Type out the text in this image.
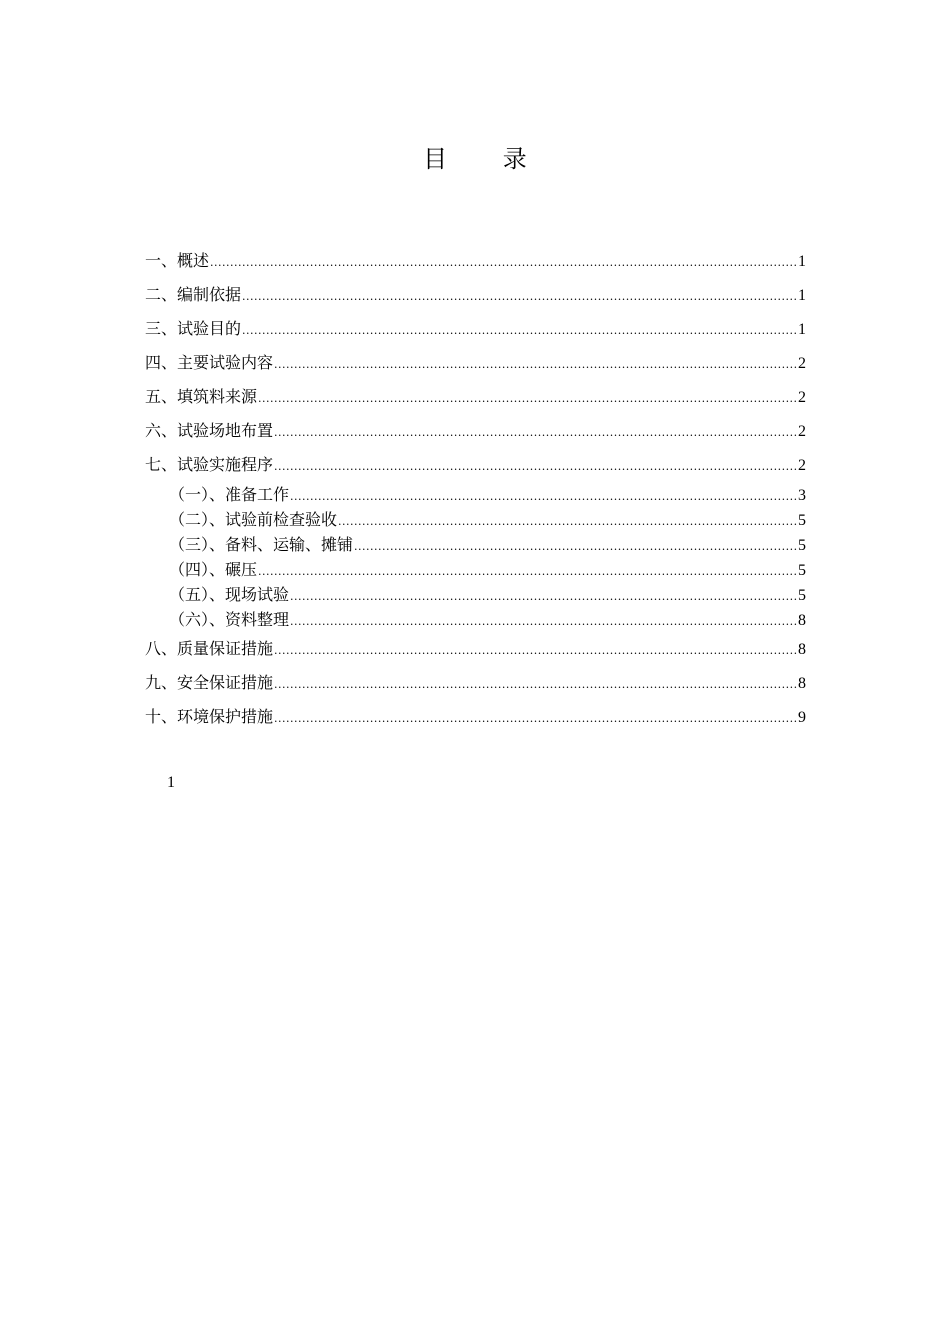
目 录
一、概述 .....	1
二、编制依据 .....	1
三、试验目的 .....	1
四、主要试验内容 .....	2
五、填筑料来源 .....	2
六、试验场地布置 .....	2
七、试验实施程序 .....	2
（一）、准备工作 .....	3
（二）、试验前检查验收 .....	5
（三）、备料、运输、摊铺 .....	5
（四）、碾压 .....	5
（五）、现场试验 .....	5
（六）、资料整理 .....	8
八、质量保证措施 .....	8
九、安全保证措施 .....	8
十、环境保护措施 .....	9
1
